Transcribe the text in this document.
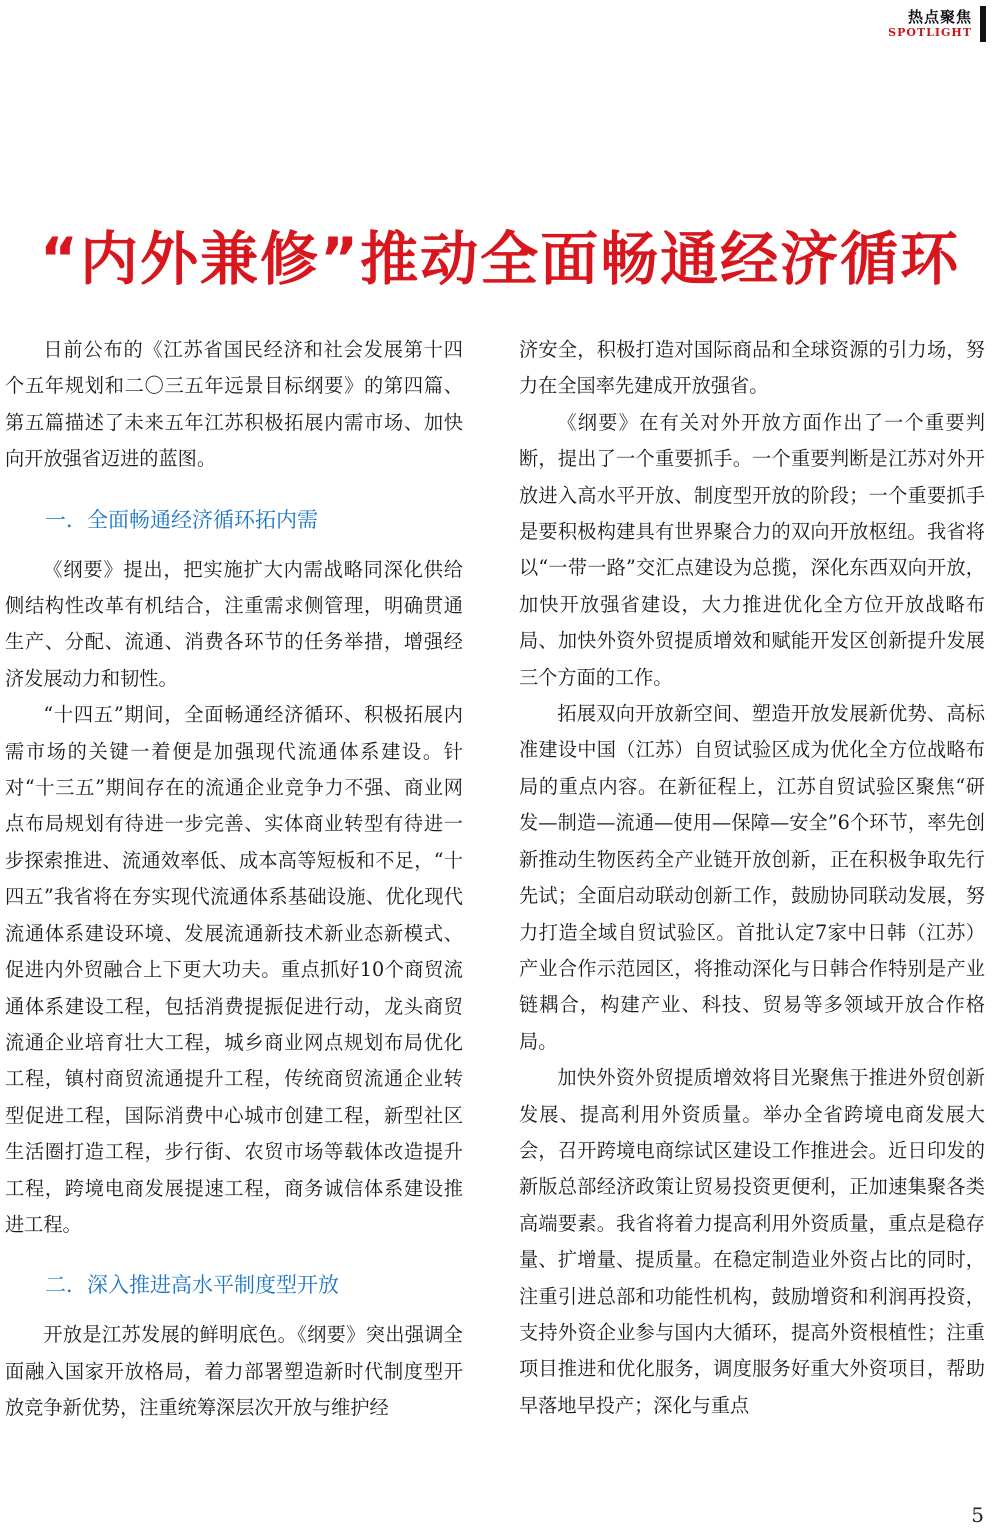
热点聚焦
SPOTLIGHT
“内外兼修”推动全面畅通经济循环

日前公布的《江苏省国民经济和社会发展第十四个五年规划和二〇三五年远景目标纲要》的第四篇、第五篇描述了未来五年江苏积极拓展内需市场、加快向开放强省迈进的蓝图。

一．全面畅通经济循环拓内需

《纲要》提出，把实施扩大内需战略同深化供给侧结构性改革有机结合，注重需求侧管理，明确贯通生产、分配、流通、消费各环节的任务举措，增强经济发展动力和韧性。

“十四五”期间，全面畅通经济循环、积极拓展内需市场的关键一着便是加强现代流通体系建设。针对“十三五”期间存在的流通企业竞争力不强、商业网点布局规划有待进一步完善、实体商业转型有待进一步探索推进、流通效率低、成本高等短板和不足，“十四五”我省将在夯实现代流通体系基础设施、优化现代流通体系建设环境、发展流通新技术新业态新模式、促进内外贸融合上下更大功夫。重点抓好10个商贸流通体系建设工程，包括消费提振促进行动，龙头商贸流通企业培育壮大工程，城乡商业网点规划布局优化工程，镇村商贸流通提升工程，传统商贸流通企业转型促进工程，国际消费中心城市创建工程，新型社区生活圈打造工程，步行街、农贸市场等载体改造提升工程，跨境电商发展提速工程，商务诚信体系建设推进工程。

二．深入推进高水平制度型开放

开放是江苏发展的鲜明底色。《纲要》突出强调全面融入国家开放格局，着力部署塑造新时代制度型开放竞争新优势，注重统筹深层次开放与维护经

济安全，积极打造对国际商品和全球资源的引力场，努力在全国率先建成开放强省。

《纲要》在有关对外开放方面作出了一个重要判断，提出了一个重要抓手。一个重要判断是江苏对外开放进入高水平开放、制度型开放的阶段；一个重要抓手是要积极构建具有世界聚合力的双向开放枢纽。我省将以“一带一路”交汇点建设为总揽，深化东西双向开放，加快开放强省建设，大力推进优化全方位开放战略布局、加快外资外贸提质增效和赋能开发区创新提升发展三个方面的工作。

拓展双向开放新空间、塑造开放发展新优势、高标准建设中国（江苏）自贸试验区成为优化全方位战略布局的重点内容。在新征程上，江苏自贸试验区聚焦“研发—制造—流通—使用—保障—安全”6个环节，率先创新推动生物医药全产业链开放创新，正在积极争取先行先试；全面启动联动创新工作，鼓励协同联动发展，努力打造全域自贸试验区。首批认定7家中日韩（江苏）产业合作示范园区，将推动深化与日韩合作特别是产业链耦合，构建产业、科技、贸易等多领域开放合作格局。

加快外资外贸提质增效将目光聚焦于推进外贸创新发展、提高利用外资质量。举办全省跨境电商发展大会，召开跨境电商综试区建设工作推进会。近日印发的新版总部经济政策让贸易投资更便利，正加速集聚各类高端要素。我省将着力提高利用外资质量，重点是稳存量、扩增量、提质量。在稳定制造业外资占比的同时，注重引进总部和功能性机构，鼓励增资和利润再投资，支持外资企业参与国内大循环，提高外资根植性；注重项目推进和优化服务，调度服务好重大外资项目，帮助早落地早投产；深化与重点

5
